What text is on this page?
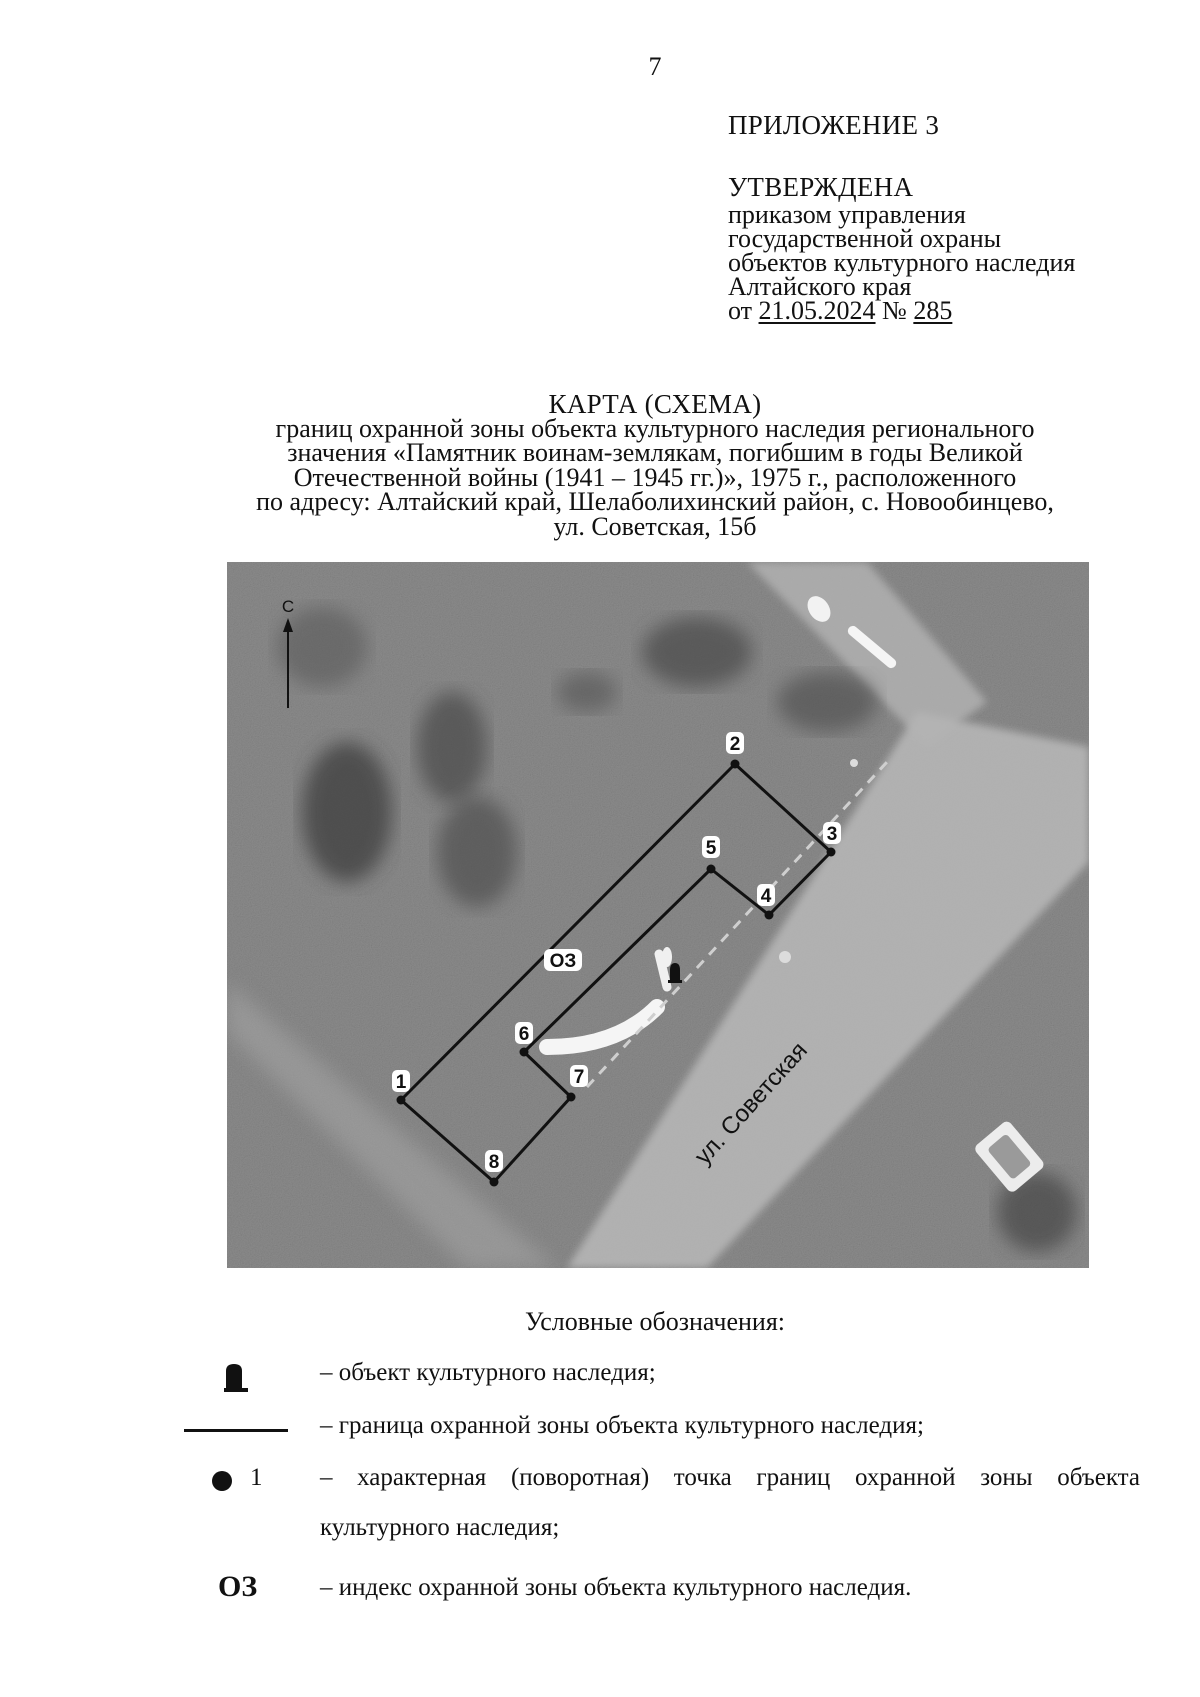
7
ПРИЛОЖЕНИЕ 3
УТВЕРЖДЕНА
приказом управления
государственной охраны
объектов культурного наследия
Алтайского края
от 21.05.2024 № 285
КАРТА (СХЕМА)
границ охранной зоны объекта культурного наследия регионального
значения «Памятник воинам-землякам, погибшим в годы Великой
Отечественной войны (1941 – 1945 гг.)», 1975 г., расположенного
по адресу: Алтайский край, Шелаболихинский район, с. Новообинцево,
ул. Советская, 15б
С
1
2
3
4
5
6
7
8
ОЗ
ул. Советская
Условные обозначения:
– объект культурного наследия;
– граница охранной зоны объекта культурного наследия;
1 – характерная (поворотная) точка границ охранной зоны объекта
культурного наследия;
ОЗ	– индекс охранной зоны объекта культурного наследия.
